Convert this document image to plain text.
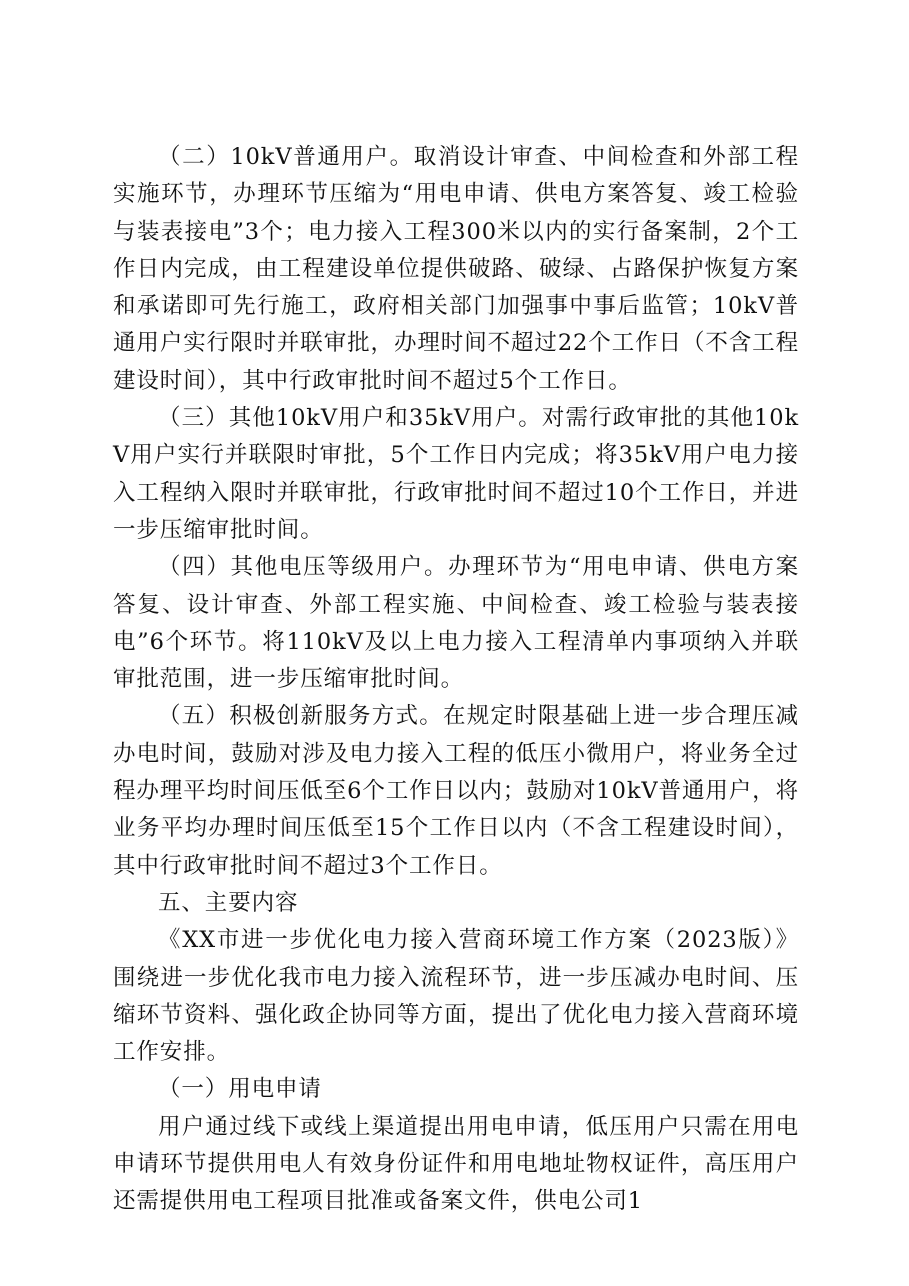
（二）10kV普通用户。取消设计审查、中间检查和外部工程实施环节，办理环节压缩为“用电申请、供电方案答复、竣工检验与装表接电”3个；电力接入工程300米以内的实行备案制，2个工作日内完成，由工程建设单位提供破路、破绿、占路保护恢复方案和承诺即可先行施工，政府相关部门加强事中事后监管；10kV普通用户实行限时并联审批，办理时间不超过22个工作日（不含工程建设时间），其中行政审批时间不超过5个工作日。

（三）其他10kV用户和35kV用户。对需行政审批的其他10kV用户实行并联限时审批，5个工作日内完成；将35kV用户电力接入工程纳入限时并联审批，行政审批时间不超过10个工作日，并进一步压缩审批时间。

（四）其他电压等级用户。办理环节为“用电申请、供电方案答复、设计审查、外部工程实施、中间检查、竣工检验与装表接电”6个环节。将110kV及以上电力接入工程清单内事项纳入并联审批范围，进一步压缩审批时间。

（五）积极创新服务方式。在规定时限基础上进一步合理压减办电时间，鼓励对涉及电力接入工程的低压小微用户，将业务全过程办理平均时间压低至6个工作日以内；鼓励对10kV普通用户，将业务平均办理时间压低至15个工作日以内（不含工程建设时间），其中行政审批时间不超过3个工作日。

五、主要内容

《XX市进一步优化电力接入营商环境工作方案（2023版）》围绕进一步优化我市电力接入流程环节，进一步压减办电时间、压缩环节资料、强化政企协同等方面，提出了优化电力接入营商环境工作安排。

（一）用电申请

用户通过线下或线上渠道提出用电申请，低压用户只需在用电申请环节提供用电人有效身份证件和用电地址物权证件，高压用户还需提供用电工程项目批准或备案文件，供电公司1
